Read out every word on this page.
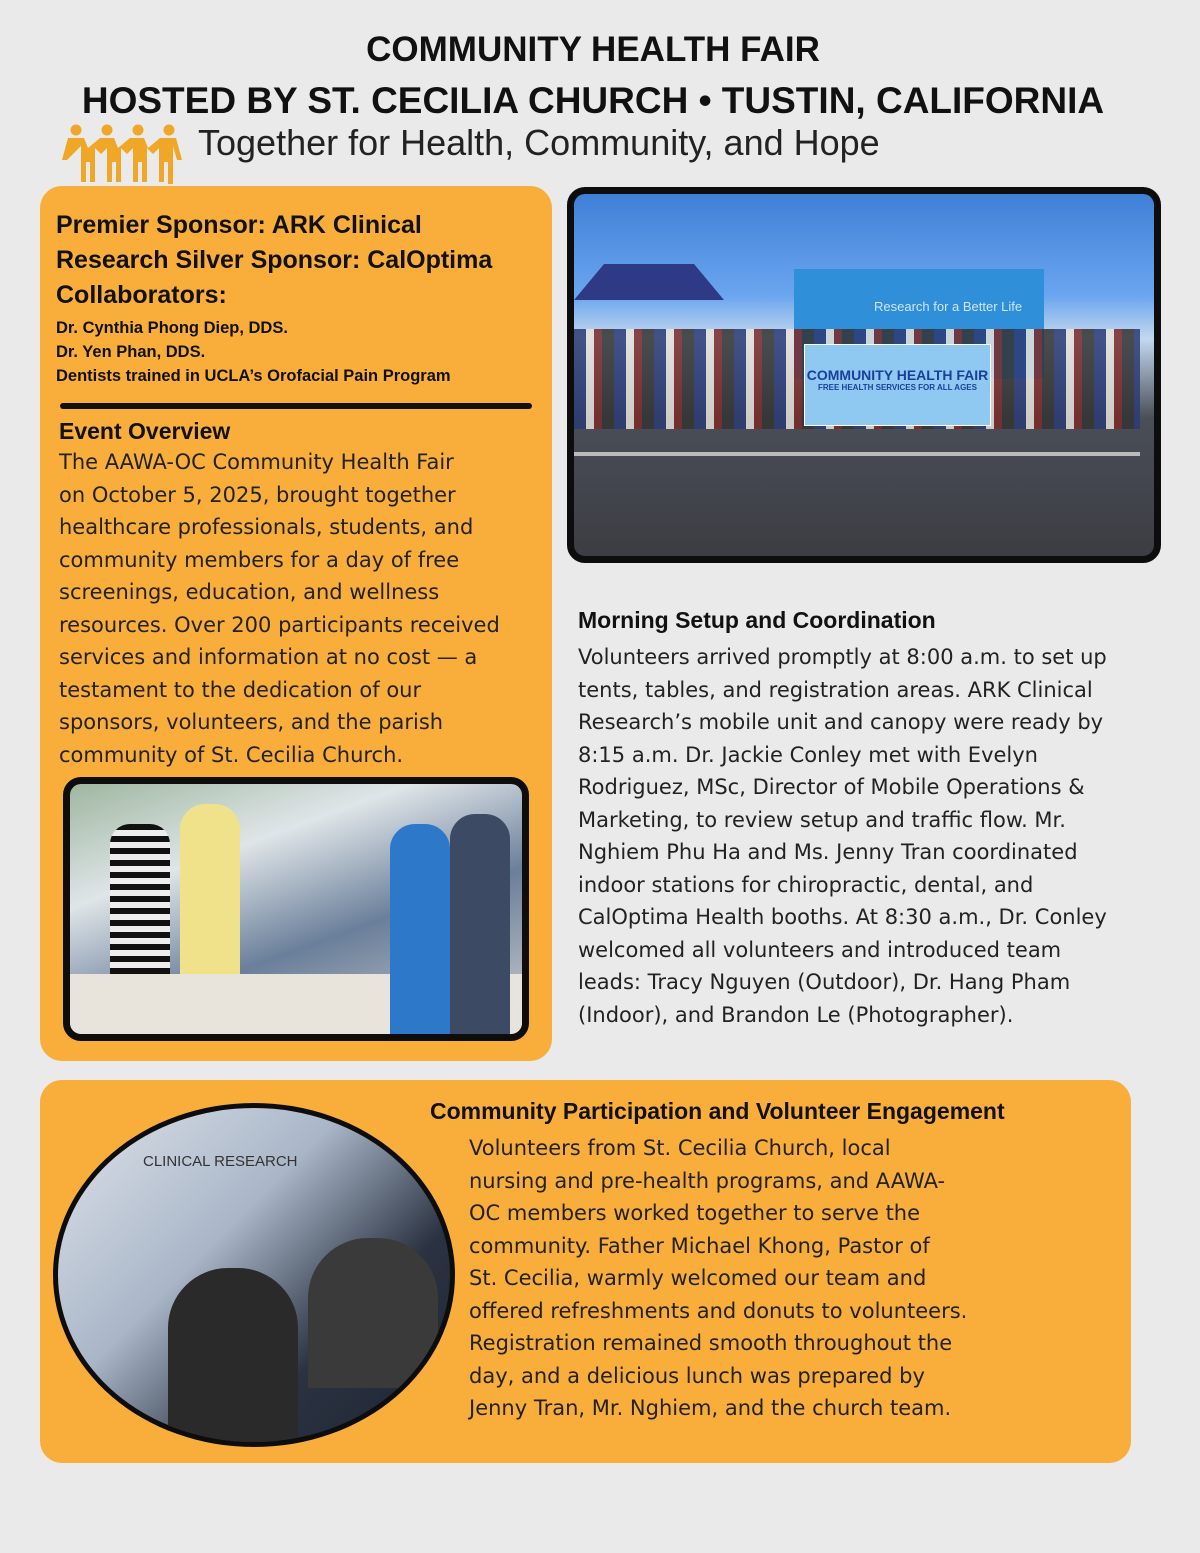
COMMUNITY HEALTH FAIR
HOSTED BY ST. CECILIA CHURCH • TUSTIN, CALIFORNIA
Together for Health, Community, and Hope
Premier Sponsor: ARK Clinical
Research Silver Sponsor: CalOptima
Collaborators:
Dr. Cynthia Phong Diep, DDS.
Dr. Yen Phan, DDS.
Dentists trained in UCLA’s Orofacial Pain Program
Event Overview
The AAWA-OC Community Health Fair
on October 5, 2025, brought together
healthcare professionals, students, and
community members for a day of free
screenings, education, and wellness
resources. Over 200 participants received
services and information at no cost — a
testament to the dedication of our
sponsors, volunteers, and the parish
community of St. Cecilia Church.
Research for a Better Life
COMMUNITY HEALTH FAIR
FREE HEALTH SERVICES FOR ALL AGES
Morning Setup and Coordination
Volunteers arrived promptly at 8:00 a.m. to set up
tents, tables, and registration areas. ARK Clinical
Research’s mobile unit and canopy were ready by
8:15 a.m. Dr. Jackie Conley met with Evelyn
Rodriguez, MSc, Director of Mobile Operations &
Marketing, to review setup and traffic flow. Mr.
Nghiem Phu Ha and Ms. Jenny Tran coordinated
indoor stations for chiropractic, dental, and
CalOptima Health booths. At 8:30 a.m., Dr. Conley
welcomed all volunteers and introduced team
leads: Tracy Nguyen (Outdoor), Dr. Hang Pham
(Indoor), and Brandon Le (Photographer).
CLINICAL RESEARCH
Community Participation and Volunteer Engagement
Volunteers from St. Cecilia Church, local
nursing and pre-health programs, and AAWA-
OC members worked together to serve the
community. Father Michael Khong, Pastor of
St. Cecilia, warmly welcomed our team and
offered refreshments and donuts to volunteers.
Registration remained smooth throughout the
day, and a delicious lunch was prepared by
Jenny Tran, Mr. Nghiem, and the church team.
